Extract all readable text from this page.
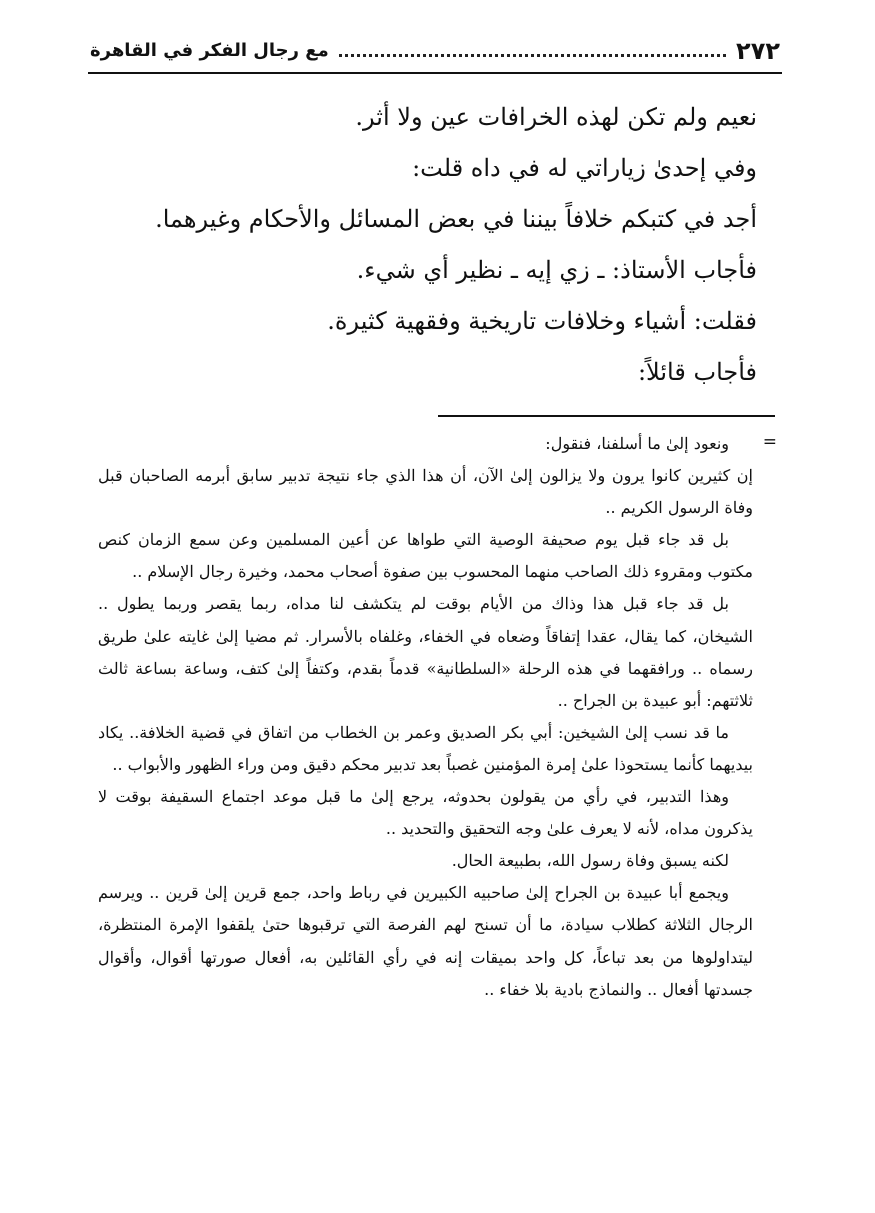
٢٧٢
مع رجال الفكر في القاهرة

نعيم ولم تكن لهذه الخرافات عين ولا أثر.

وفي إحدىٰ زياراتي له في داه قلت:

أجد في كتبكم خلافاً بيننا في بعض المسائل والأحكام وغيرهما.

فأجاب الأستاذ: ـ زي إيه ـ نظير أي شيء.

فقلت: أشياء وخلافات تاريخية وفقهية كثيرة.

فأجاب قائلاً:

=

ونعود إلىٰ ما أسلفنا، فنقول:

إن كثيرين كانوا يرون ولا يزالون إلىٰ الآن، أن هذا الذي جاء نتيجة تدبير سابق أبرمه الصاحبان قبل وفاة الرسول الكريم ..

بل قد جاء قبل يوم صحيفة الوصية التي طواها عن أعين المسلمين وعن سمع الزمان كنص مكتوب ومقروء ذلك الصاحب منهما المحسوب بين صفوة أصحاب محمد، وخيرة رجال الإسلام ..

بل قد جاء قبل هذا وذاك من الأيام بوقت لم يتكشف لنا مداه، ربما يقصر وربما يطول .. الشيخان، كما يقال، عقدا إتفاقاً وضعاه في الخفاء، وغلفاه بالأسرار. ثم مضيا إلىٰ غايته علىٰ طريق رسماه .. ورافقهما في هذه الرحلة «السلطانية» قدماً بقدم، وكتفاً إلىٰ كتف، وساعة بساعة ثالث ثلاثتهم: أبو عبيدة بن الجراح ..

ما قد نسب إلىٰ الشيخين: أبي بكر الصديق وعمر بن الخطاب من اتفاق في قضية الخلافة.. يكاد بيديهما كأنما يستحوذا علىٰ إمرة المؤمنين غصباً بعد تدبير محكم دقيق ومن وراء الظهور والأبواب ..

وهذا التدبير، في رأي من يقولون بحدوثه، يرجع إلىٰ ما قبل موعد اجتماع السقيفة بوقت لا يذكرون مداه، لأنه لا يعرف علىٰ وجه التحقيق والتحديد ..

لكنه يسبق وفاة رسول الله، بطبيعة الحال.

ويجمع أبا عبيدة بن الجراح إلىٰ صاحبيه الكبيرين في رباط واحد، جمع قرين إلىٰ قرين .. ويرسم الرجال الثلاثة كطلاب سيادة، ما أن تسنح لهم الفرصة التي ترقبوها حتىٰ يلقفوا الإمرة المنتظرة، ليتداولوها من بعد تباعاً، كل واحد بميقات إنه في رأي القائلين به، أفعال صورتها أقوال، وأقوال جسدتها أفعال .. والنماذج بادية بلا خفاء ..
